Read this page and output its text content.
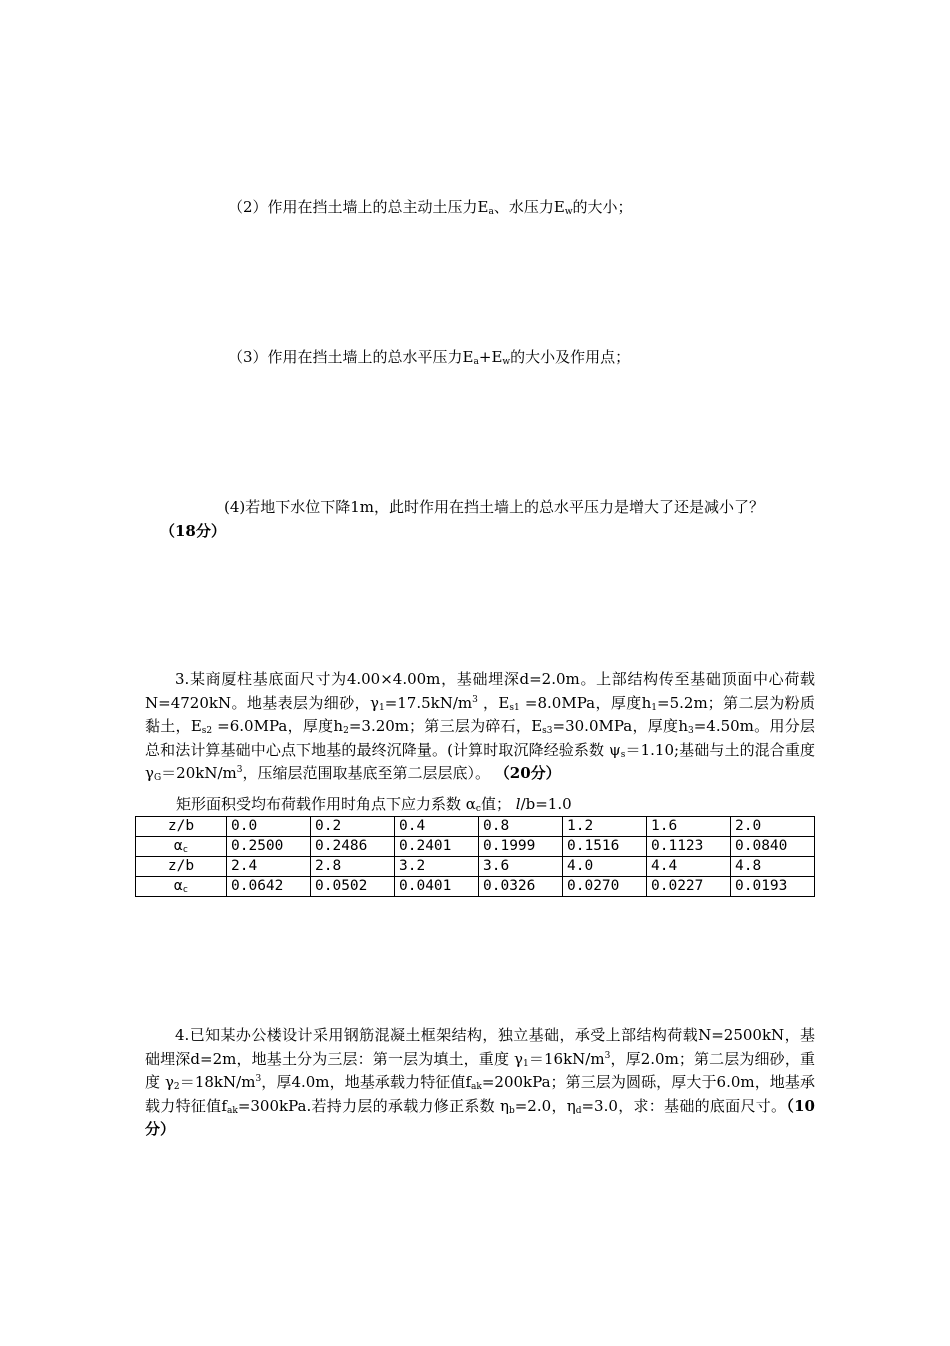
（2）作用在挡土墙上的总主动土压力$E_a$、水压力$E_w$的大小；
（3）作用在挡土墙上的总水平压力$E_a+E_w$的大小及作用点；
(4)若地下水位下降1m，此时作用在挡土墙上的总水平压力是增大了还是减小了？
（18分）
3.某商厦柱基底面尺寸为4.00×4.00m，基础埋深d=2.0m。上部结构传至基础顶面中心荷载N=4720kN。地基表层为细砂，$\gamma_1=17.5kN/m^3$ ，$E_{s1} =8.0MPa$，厚度$h_1=5.2m$；第二层为粉质黏土，$E_{s2} =6.0MPa$，厚度$h_2=3.20m$；第三层为碎石，$E_{s3}=30.0MPa$，厚度$h_3=4.50m$。用分层总和法计算基础中心点下地基的最终沉降量。(计算时取沉降经验系数 $\psi_s=1.10$;基础与土的混合重度 $\gamma_G=20kN/m^3$，压缩层范围取基底至第二层层底）。 （20分）
矩形面积受均布荷载作用时角点下应力系数 $\alpha_c$值； l/b=1.0
z/b	0.0	0.2	0.4	0.8	1.2	1.6	2.0
$\alpha_c$	0.2500	0.2486	0.2401	0.1999	0.1516	0.1123	0.0840
z/b	2.4	2.8	3.2	3.6	4.0	4.4	4.8
$\alpha_c$	0.0642	0.0502	0.0401	0.0326	0.0270	0.0227	0.0193
4.已知某办公楼设计采用钢筋混凝土框架结构，独立基础，承受上部结构荷载N=2500kN，基础埋深d=2m，地基土分为三层：第一层为填土，重度 $\gamma_1=16kN/m^3$，厚2.0m；第二层为细砂，重度 $\gamma_2=18kN/m^3$，厚4.0m，地基承载力特征值$f_{ak}=200kPa$；第三层为圆砾，厚大于6.0m，地基承载力特征值$f_{ak}=300kPa$.若持力层的承载力修正系数 $\eta_b=2.0$，$\eta_d=3.0$，求：基础的底面尺寸。（10分）
